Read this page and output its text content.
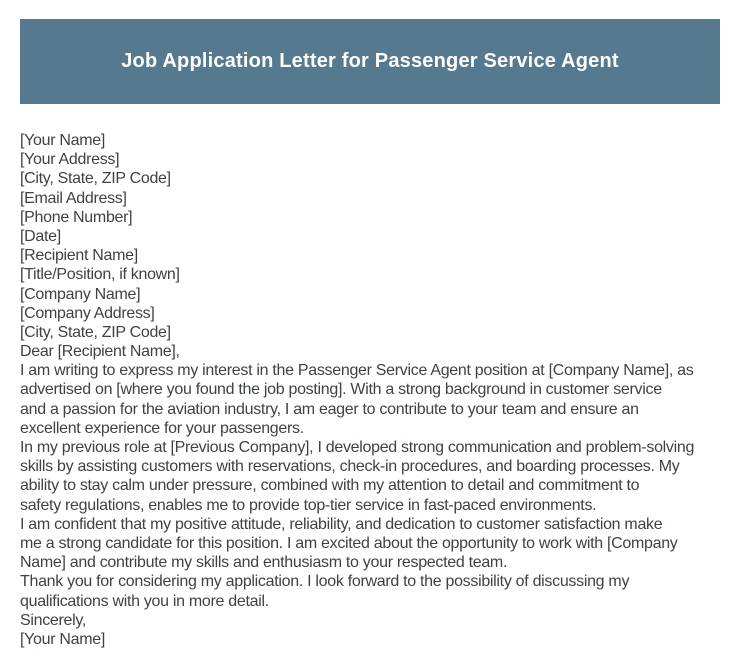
Job Application Letter for Passenger Service Agent
[Your Name]
[Your Address]
[City, State, ZIP Code]
[Email Address]
[Phone Number]
[Date]
[Recipient Name]
[Title/Position, if known]
[Company Name]
[Company Address]
[City, State, ZIP Code]
Dear [Recipient Name],
I am writing to express my interest in the Passenger Service Agent position at [Company Name], as
advertised on [where you found the job posting]. With a strong background in customer service
and a passion for the aviation industry, I am eager to contribute to your team and ensure an
excellent experience for your passengers.
In my previous role at [Previous Company], I developed strong communication and problem-solving
skills by assisting customers with reservations, check-in procedures, and boarding processes. My
ability to stay calm under pressure, combined with my attention to detail and commitment to
safety regulations, enables me to provide top-tier service in fast-paced environments.
I am confident that my positive attitude, reliability, and dedication to customer satisfaction make
me a strong candidate for this position. I am excited about the opportunity to work with [Company
Name] and contribute my skills and enthusiasm to your respected team.
Thank you for considering my application. I look forward to the possibility of discussing my
qualifications with you in more detail.
Sincerely,
[Your Name]
